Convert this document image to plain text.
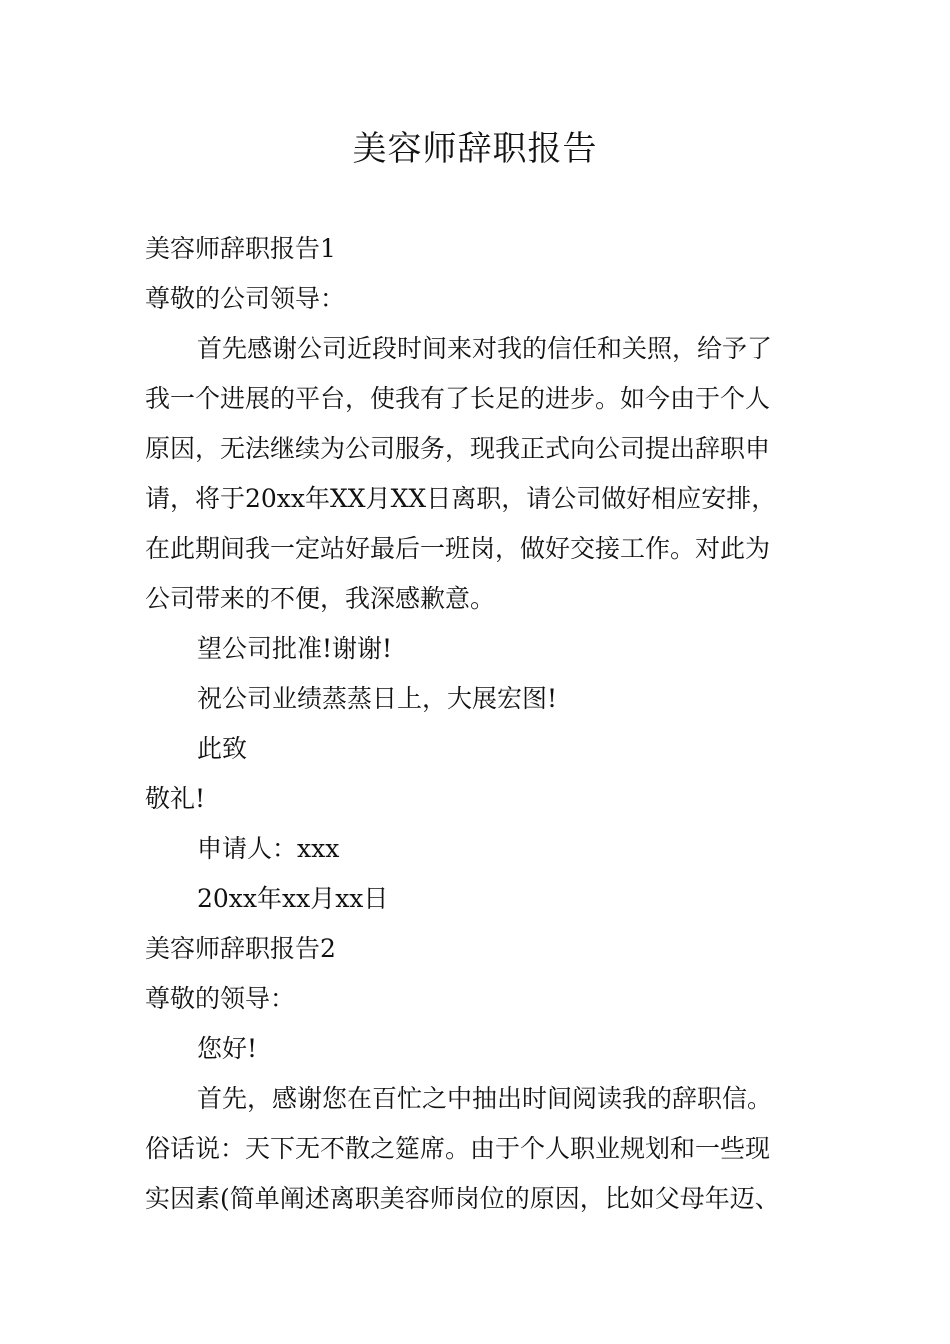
美容师辞职报告

美容师辞职报告1

尊敬的公司领导：

首先感谢公司近段时间来对我的信任和关照，给予了

我一个进展的平台，使我有了长足的进步。如今由于个人

原因，无法继续为公司服务，现我正式向公司提出辞职申

请，将于20xx年XX月XX日离职，请公司做好相应安排，

在此期间我一定站好最后一班岗，做好交接工作。对此为

公司带来的不便，我深感歉意。

望公司批准!谢谢!

祝公司业绩蒸蒸日上，大展宏图!

此致

敬礼!

申请人：xxx

20xx年xx月xx日

美容师辞职报告2

尊敬的领导：

您好!

首先，感谢您在百忙之中抽出时间阅读我的辞职信。

俗话说：天下无不散之筵席。由于个人职业规划和一些现

实因素(简单阐述离职美容师岗位的原因，比如父母年迈、
